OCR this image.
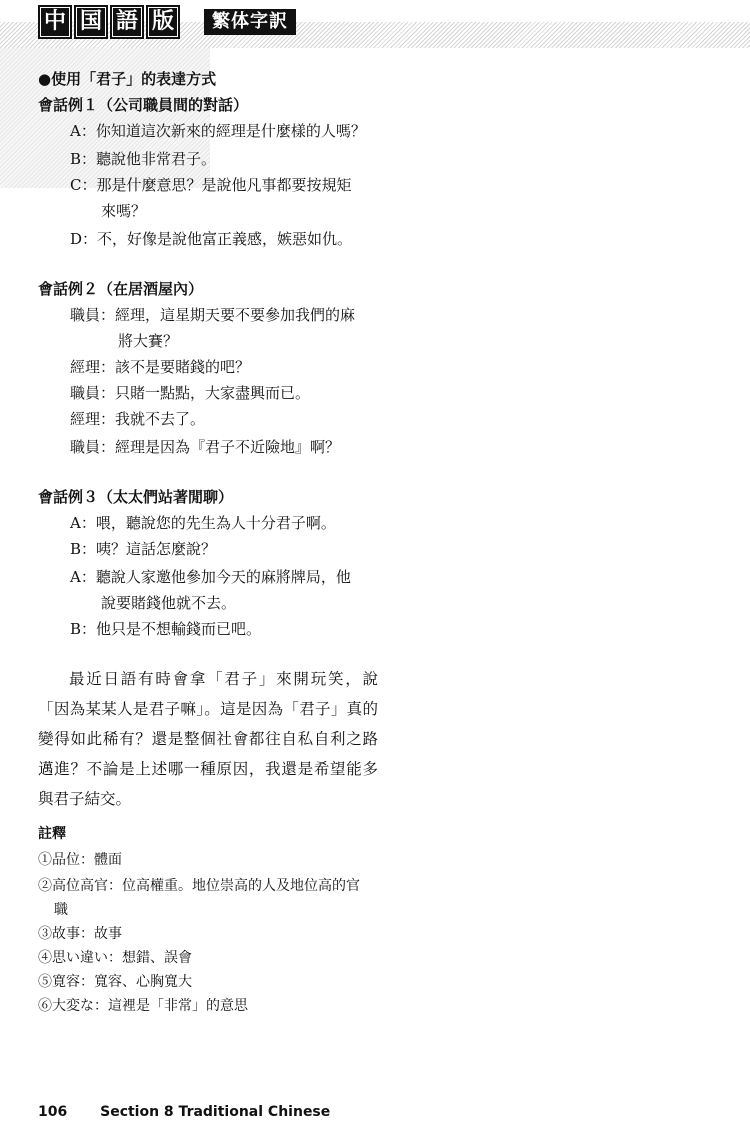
中 国 語 版	繁体字訳
●使用「君子」的表達方式
會話例１（公司職員間的對話）
A：你知道這次新來的經理是什麼樣的人嗎？
B：聽說他非常君子。
C：那是什麼意思？是說他凡事都要按規矩
來嗎？
D：不，好像是說他富正義感，嫉惡如仇。
會話例２（在居酒屋內）
職員：經理，這星期天要不要參加我們的麻
將大賽？
經理：該不是要賭錢的吧？
職員：只賭一點點，大家盡興而已。
經理：我就不去了。
職員：經理是因為『君子不近險地』啊？
會話例３（太太們站著閒聊）
A：喂，聽說您的先生為人十分君子啊。
B：咦？這話怎麼說？
A：聽說人家邀他參加今天的麻將牌局，他
說要賭錢他就不去。
B：他只是不想輸錢而已吧。

最近日語有時會拿「君子」來開玩笑，說「因為某某人是君子嘛」。這是因為「君子」真的變得如此稀有？還是整個社會都往自私自利之路邁進？不論是上述哪一種原因，我還是希望能多與君子結交。

註釋
①品位：體面
②高位高官：位高權重。地位崇高的人及地位高的官
職
③故事：故事
④思い違い：想錯、誤會
⑤寛容：寬容、心胸寬大
⑥大変な：這裡是「非常」的意思
106 Section 8 Traditional Chinese
